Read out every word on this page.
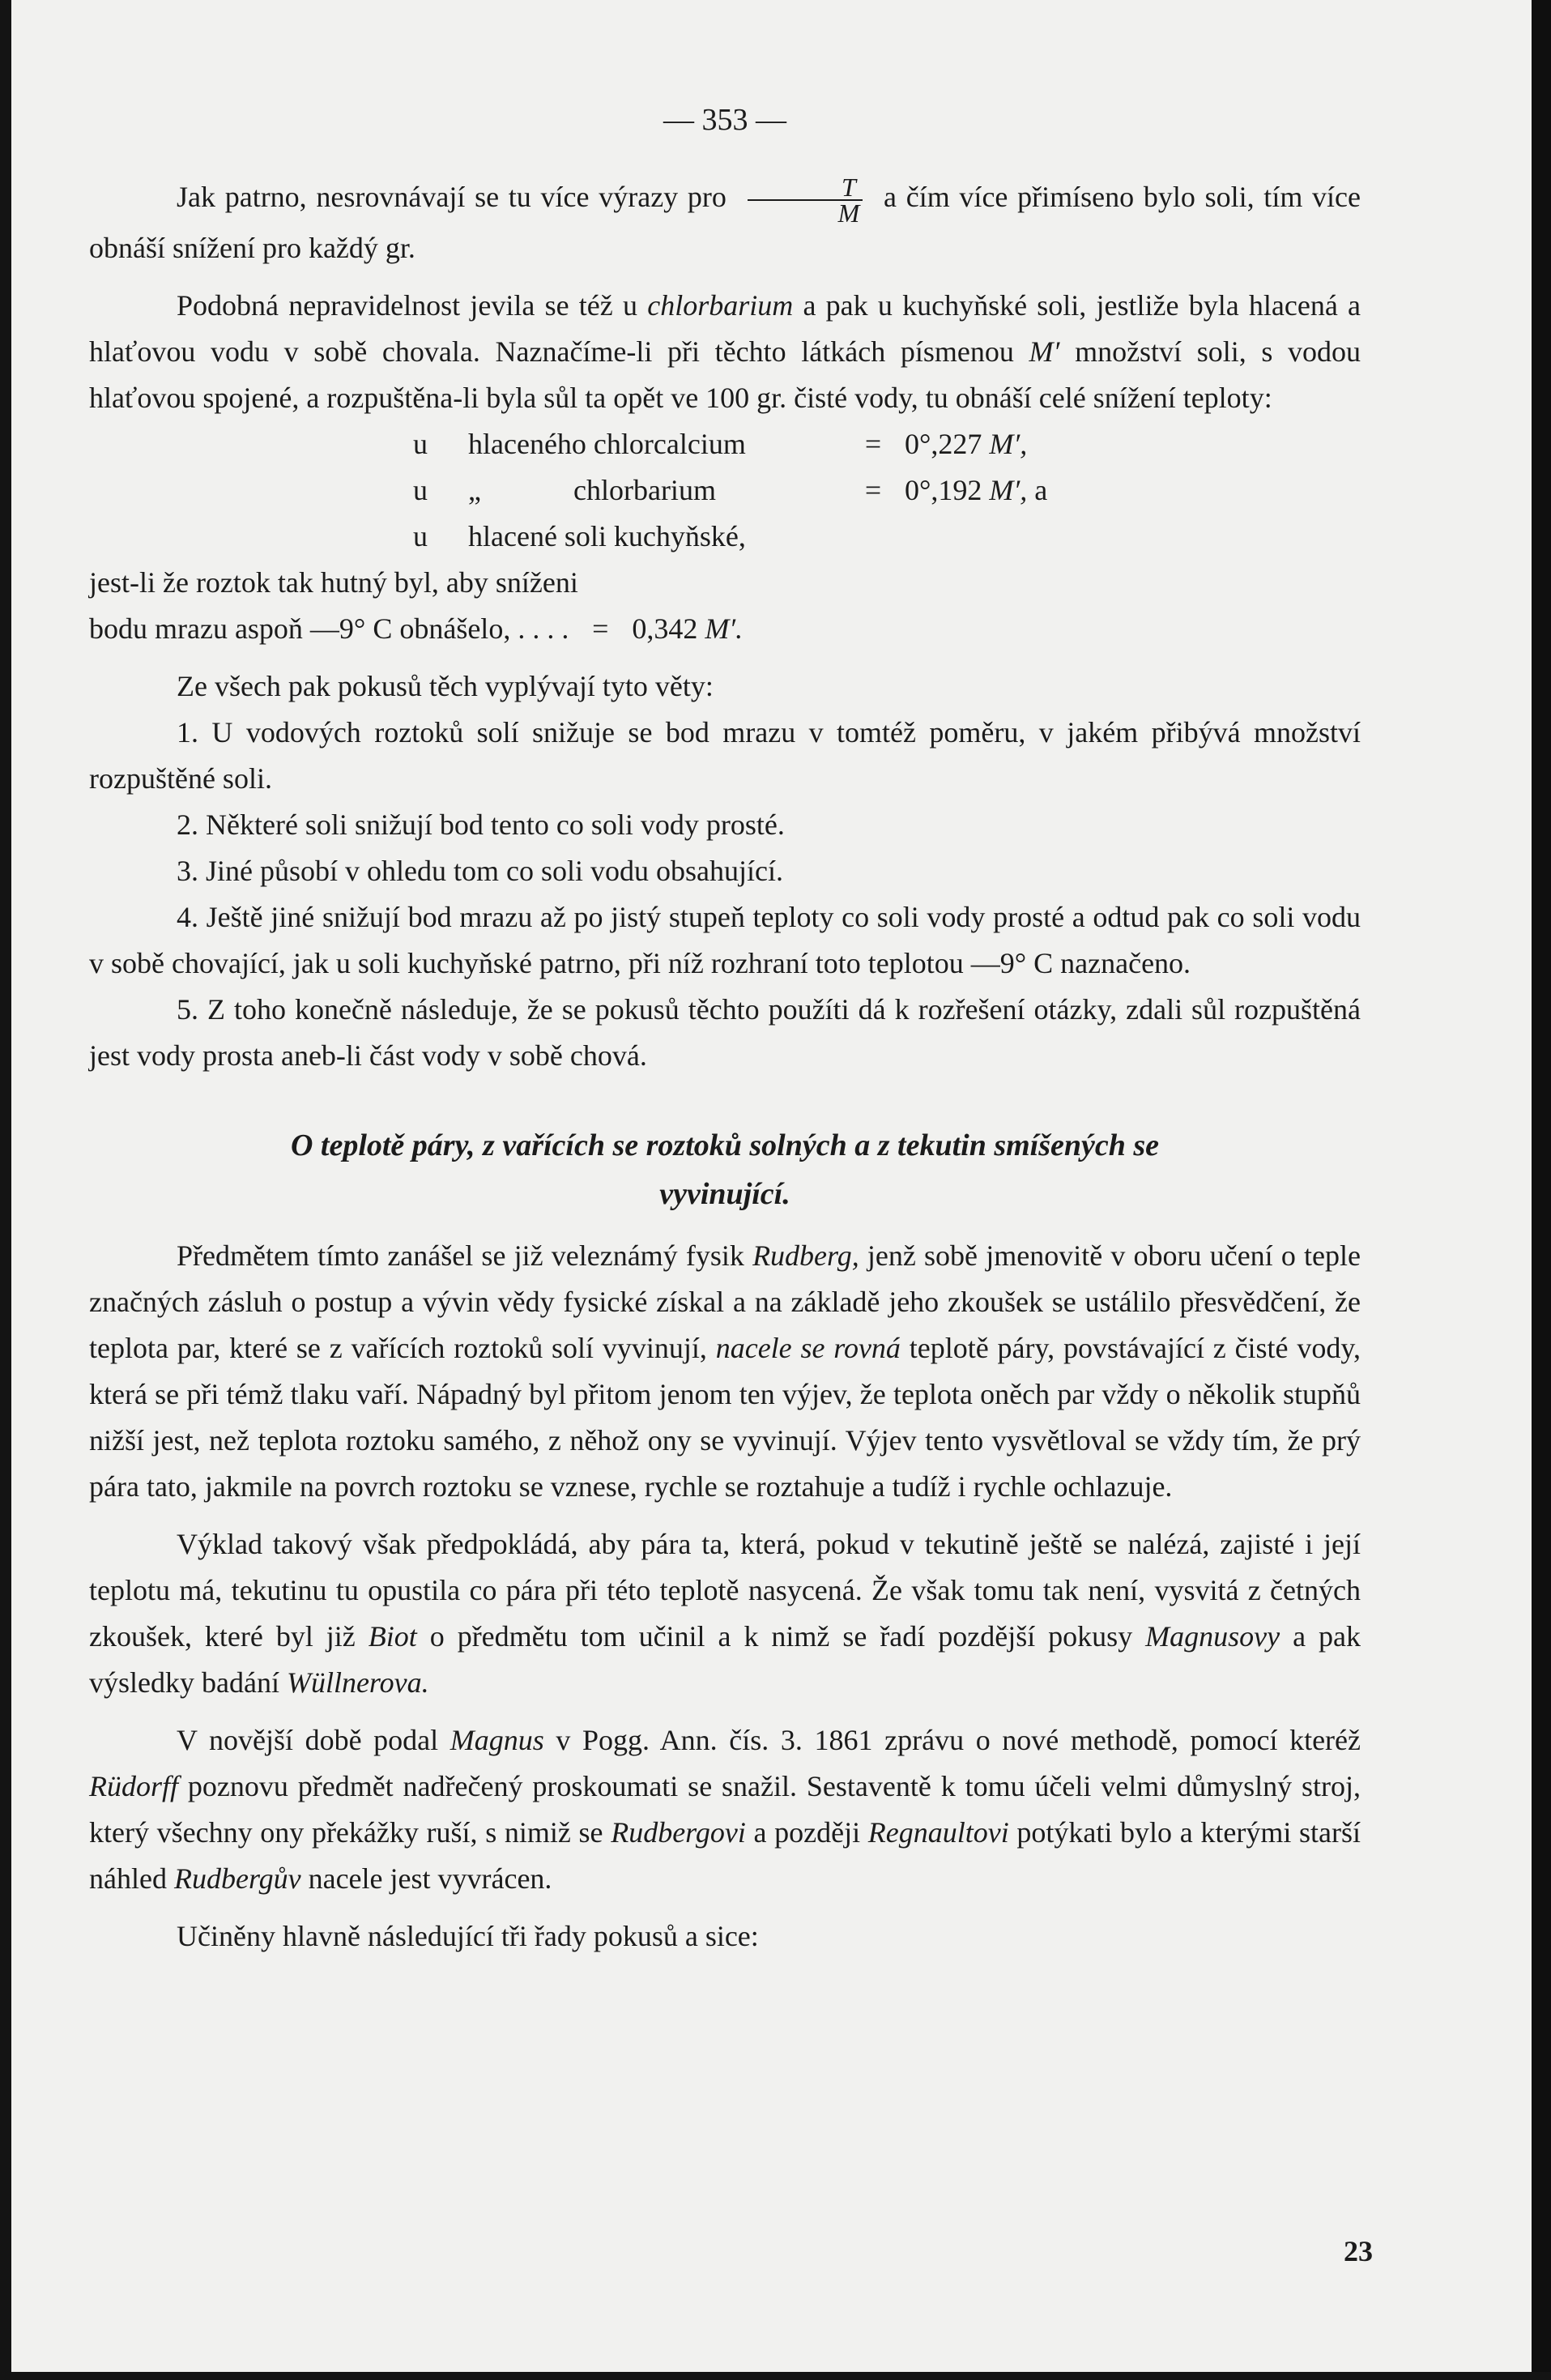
— 353 —

Jak patrno, nesrovnávají se tu více výrazy pro $\frac{T}{M}$ a čím více přimíseno bylo soli, tím více obnáší snížení pro každý gr.

Podobná nepravidelnost jevila se též u chlorbarium a pak u kuchyňské soli, jestliže byla hlacená a hlaťovou vodu v sobě chovala. Naznačíme-li při těchto látkách písmenou M′ množství soli, s vodou hlaťovou spojené, a rozpuštěna-li byla sůl ta opět ve 100 gr. čisté vody, tu obnáší celé snížení teploty:

u hlaceného chlorcalcium	= 0°,227 M′,
u „	chlorbarium	= 0°,192 M′, a
u hlacené soli kuchyňské,
jest-li že roztok tak hutný byl, aby sníženi
bodu mrazu aspoň —9° C obnášelo, . . . . = 0,342 M′.

Ze všech pak pokusů těch vyplývají tyto věty:

1. U vodových roztoků solí snižuje se bod mrazu v tomtéž poměru, v jakém přibývá množství rozpuštěné soli.

2. Některé soli snižují bod tento co soli vody prosté.

3. Jiné působí v ohledu tom co soli vodu obsahující.

4. Ještě jiné snižují bod mrazu až po jistý stupeň teploty co soli vody prosté a odtud pak co soli vodu v sobě chovající, jak u soli kuchyňské patrno, při níž rozhraní toto teplotou —9° C naznačeno.

5. Z toho konečně následuje, že se pokusů těchto použíti dá k rozřešení otázky, zdali sůl rozpuštěná jest vody prosta aneb-li část vody v sobě chová.

O teplotě páry, z vařících se roztoků solných a z tekutin smíšených se
vyvinující.

Předmětem tímto zanášel se již veleznámý fysik Rudberg, jenž sobě jmenovitě v oboru učení o teple značných zásluh o postup a vývin vědy fysické získal a na základě jeho zkoušek se ustálilo přesvědčení, že teplota par, které se z vařících roztoků solí vyvinují, nacele se rovná teplotě páry, povstávající z čisté vody, která se při témž tlaku vaří. Nápadný byl přitom jenom ten výjev, že teplota oněch par vždy o několik stupňů nižší jest, než teplota roztoku samého, z něhož ony se vyvinují. Výjev tento vysvětloval se vždy tím, že prý pára tato, jakmile na povrch roztoku se vznese, rychle se roztahuje a tudíž i rychle ochlazuje.

Výklad takový však předpokládá, aby pára ta, která, pokud v tekutině ještě se nalézá, zajisté i její teplotu má, tekutinu tu opustila co pára při této teplotě nasycená. Že však tomu tak není, vysvitá z četných zkoušek, které byl již Biot o předmětu tom učinil a k nimž se řadí pozdější pokusy Magnusovy a pak výsledky badání Wüllnerova.

V novější době podal Magnus v Pogg. Ann. čís. 3. 1861 zprávu o nové methodě, pomocí kteréž Rüdorff poznovu předmět nadřečený proskoumati se snažil. Sestaventě k tomu účeli velmi důmyslný stroj, který všechny ony překážky ruší, s nimiž se Rudbergovi a později Regnaultovi potýkati bylo a kterými starší náhled Rudbergův nacele jest vyvrácen.

Učiněny hlavně následující tři řady pokusů a sice:

23
